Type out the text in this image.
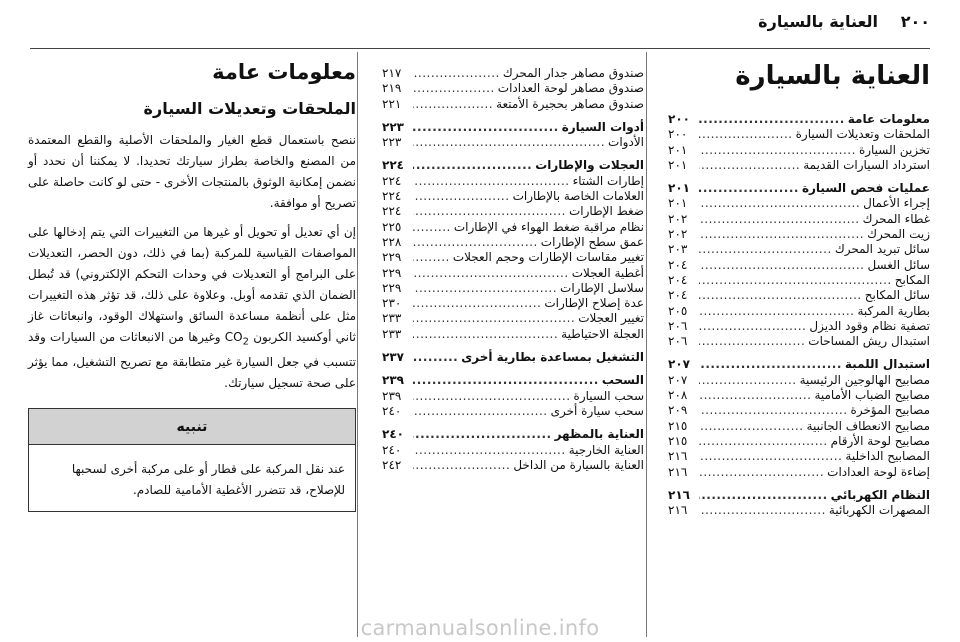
٢٠٠
العناية بالسيارة
العناية بالسيارة
معلومات عامة
.....
٢٠٠
الملحقات وتعديلات السيارة
.....
٢٠٠
تخزين السيارة
.....
٢٠١
استرداد السيارات القديمة
.....
٢٠١
عمليات فحص السيارة
.....
٢٠١
إجراء الأعمال
.....
٢٠١
غطاء المحرك
.....
٢٠٢
زيت المحرك
.....
٢٠٢
سائل تبريد المحرك
.....
٢٠٣
سائل الغسل
.....
٢٠٤
المكابح
.....
٢٠٤
سائل المكابح
.....
٢٠٤
بطارية المركبة
.....
٢٠٥
تصفية نظام وقود الديزل
.....
٢٠٦
استبدال ريش المساحات
.....
٢٠٦
استبدال اللمبة
.....
٢٠٧
مصابيح الهالوجين الرئيسية
.....
٢٠٧
مصابيح الضباب الأمامية
.....
٢٠٨
مصابيح المؤخرة
.....
٢٠٩
مصابيح الانعطاف الجانبية
.....
٢١٥
مصابيح لوحة الأرقام
.....
٢١٥
المصابيح الداخلية
.....
٢١٦
إضاءة لوحة العدادات
.....
٢١٦
النظام الكهربائي
.....
٢١٦
المصهرات الكهربائية
.....
٢١٦
صندوق مصاهر جدار المحرك
.....
٢١٧
صندوق مصاهر لوحة العدادات
.....
٢١٩
صندوق مصاهر بحجيرة الأمتعة
.....
٢٢١
أدوات السيارة
.....
٢٢٣
الأدوات
.....
٢٢٣
العجلات والإطارات
.....
٢٢٤
إطارات الشتاء
.....
٢٢٤
العلامات الخاصة بالإطارات
.....
٢٢٤
ضغط الإطارات
.....
٢٢٤
نظام مراقبة ضغط الهواء في الإطارات
.....
٢٢٥
عمق سطح الإطارات
.....
٢٢٨
تغيير مقاسات الإطارات وحجم العجلات
.....
٢٢٩
أغطية العجلات
.....
٢٢٩
سلاسل الإطارات
.....
٢٢٩
عدة إصلاح الإطارات
.....
٢٣٠
تغيير العجلات
.....
٢٣٣
العجلة الاحتياطية
.....
٢٣٣
التشغيل بمساعدة بطارية أخرى
.....
٢٣٧
السحب
.....
٢٣٩
سحب السيارة
.....
٢٣٩
سحب سيارة أخرى
.....
٢٤٠
العناية بالمظهر
.....
٢٤٠
العناية الخارجية
.....
٢٤٠
العناية بالسيارة من الداخل
.....
٢٤٢
معلومات عامة
الملحقات وتعديلات السيارة

ننصح باستعمال قطع الغيار والملحقات الأصلية والقطع المعتمدة من المصنع والخاصة بطراز سيارتك تحديدا. لا يمكننا أن نحدد أو نضمن إمكانية الوثوق بالمنتجات الأخرى - حتى لو كانت حاصلة على تصريح أو موافقة.

إن أي تعديل أو تحويل أو غيرها من التغييرات التي يتم إدخالها على المواصفات القياسية للمركبة (بما في ذلك، دون الحصر، التعديلات على البرامج أو التعديلات في وحدات التحكم الإلكتروني) قد تُبطل الضمان الذي تقدمه أوبل. وعلاوة على ذلك، قد تؤثر هذه التغييرات مثل على أنظمة مساعدة السائق واستهلاك الوقود، وانبعاثات غاز ثاني أوكسيد الكربون $CO_2$ وغيرها من الانبعاثات من السيارات وقد تتسبب في جعل السيارة غير متطابقة مع تصريح التشغيل، مما يؤثر على صحة تسجيل سيارتك.

تنبيه
عند نقل المركبة على قطار أو على مركبة أخرى لسحبها للإصلاح، قد تتضرر الأغطية الأمامية للصادم.
carmanualsonline.info
